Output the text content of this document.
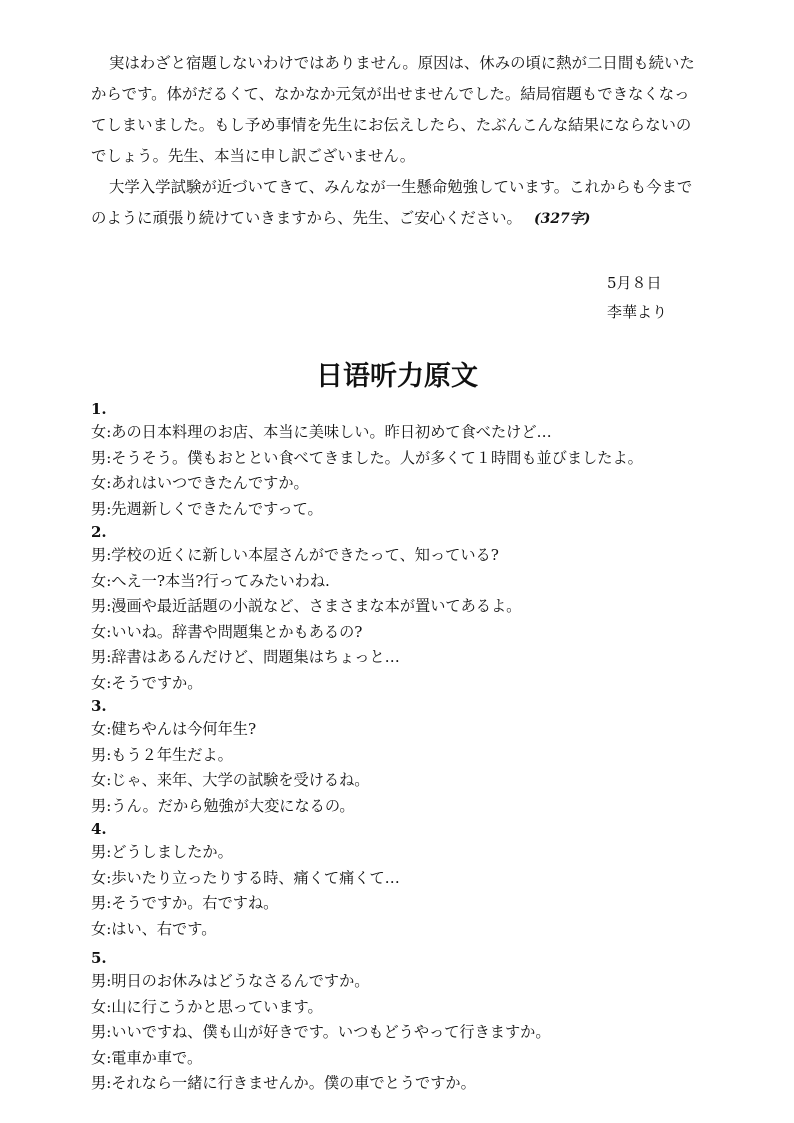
実はわざと宿題しないわけではありません。原因は、休みの頃に熱が二日間も続いたからです。体がだるくて、なかなか元気が出せませんでした。結局宿題もできなくなってしまいました。もし予め事情を先生にお伝えしたら、たぶんこんな結果にならないのでしょう。先生、本当に申し訳ございません。

大学入学試験が近づいてきて、みんなが一生懸命勉強しています。これからも今までのように頑張り続けていきますから、先生、ご安心ください。 (327字)

5月８日
李華より
日语听力原文
1.
女:あの日本料理のお店、本当に美味しい。昨日初めて食べたけど…
男:そうそう。僕もおととい食べてきました。人が多くて１時間も並びましたよ。
女:あれはいつできたんですか。
男:先週新しくできたんですって。
2.
男:学校の近くに新しい本屋さんができたって、知っている?
女:へえ一?本当?行ってみたいわね.
男:漫画や最近話題の小説など、さまさまな本が置いてあるよ。
女:いいね。辞書や問題集とかもあるの?
男:辞書はあるんだけど、問題集はちょっと…
女:そうですか。
3.
女:健ちやんは今何年生?
男:もう２年生だよ。
女:じゃ、来年、大学の試験を受けるね。
男:うん。だから勉強が大変になるの。
4.
男:どうしましたか。
女:歩いたり立ったりする時、痛くて痛くて…
男:そうですか。右ですね。
女:はい、右です。
5.
男:明日のお休みはどうなさるんですか。
女:山に行こうかと思っています。
男:いいですね、僕も山が好きです。いつもどうやって行きますか。
女:電車か車で。
男:それなら一緒に行きませんか。僕の車でとうですか。
